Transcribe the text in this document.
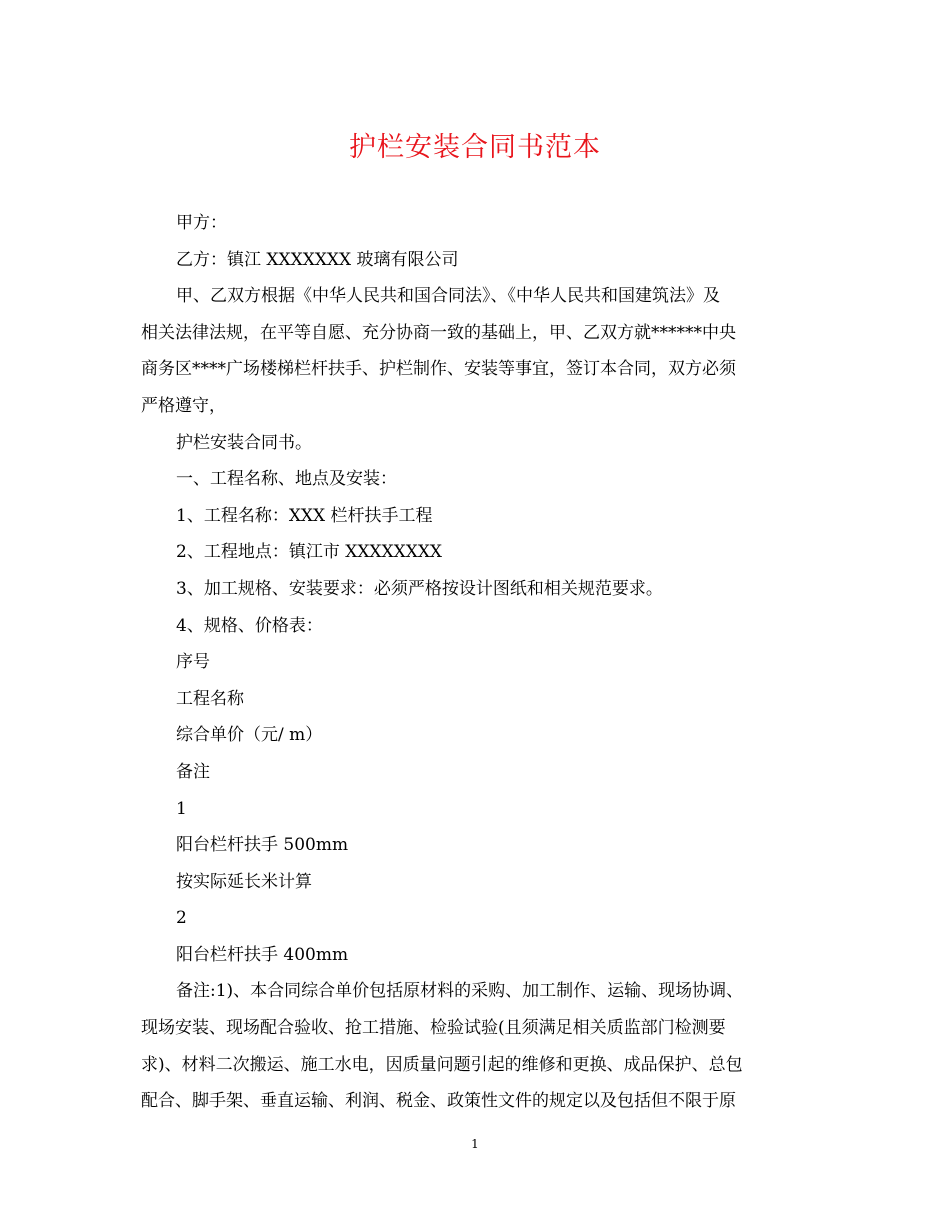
护栏安装合同书范本

甲方：

乙方：镇江 XXXXXXX 玻璃有限公司

甲、乙双方根据《中华人民共和国合同法》、《中华人民共和国建筑法》及

相关法律法规，在平等自愿、充分协商一致的基础上，甲、乙双方就******中央

商务区****广场楼梯栏杆扶手、护栏制作、安装等事宜，签订本合同，双方必须

严格遵守，

护栏安装合同书。

一、工程名称、地点及安装：

1、工程名称：XXX 栏杆扶手工程

2、工程地点：镇江市 XXXXXXXX

3、加工规格、安装要求：必须严格按设计图纸和相关规范要求。

4、规格、价格表：

序号

工程名称

综合单价（元/ m）

备注

1

阳台栏杆扶手 500mm

按实际延长米计算

2

阳台栏杆扶手 400mm

备注:1)、本合同综合单价包括原材料的采购、加工制作、运输、现场协调、

现场安装、现场配合验收、抢工措施、检验试验(且须满足相关质监部门检测要

求)、材料二次搬运、施工水电，因质量问题引起的维修和更换、成品保护、总包

配合、脚手架、垂直运输、利润、税金、政策性文件的规定以及包括但不限于原

1
